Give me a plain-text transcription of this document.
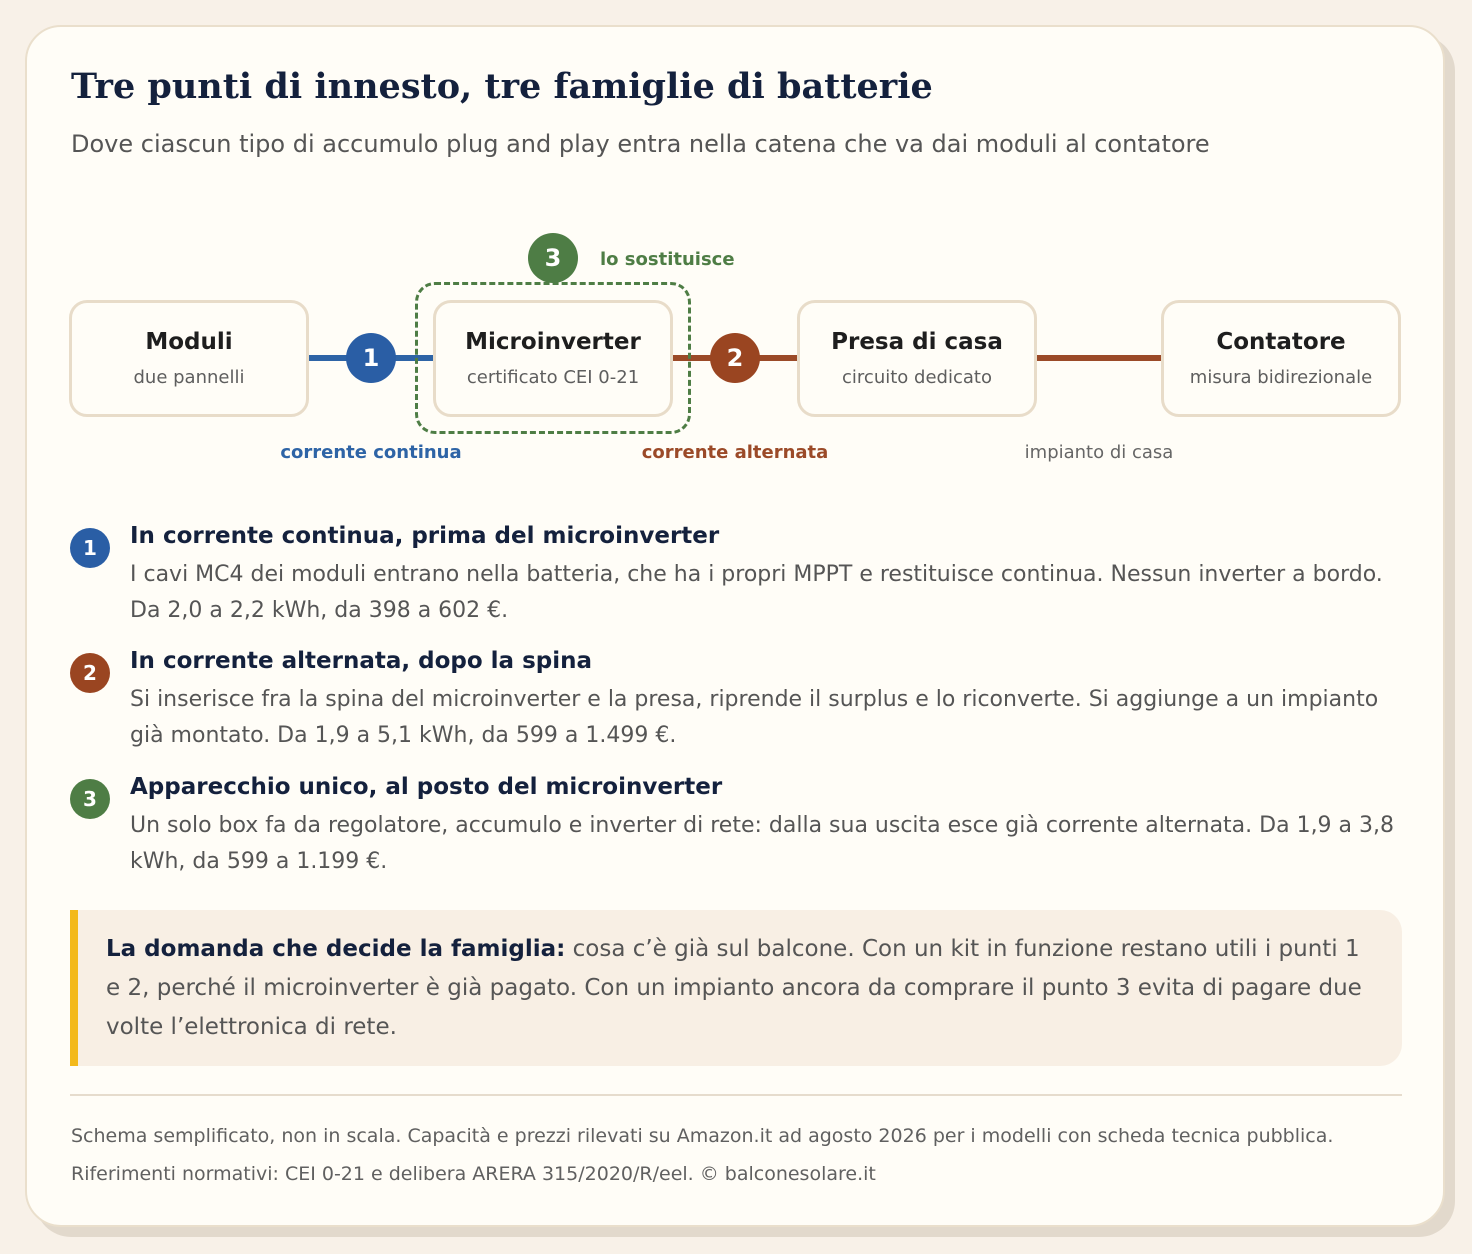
Tre punti di innesto, tre famiglie di batterie

Dove ciascun tipo di accumulo plug and play entra nella catena che va dai moduli al contatore

Moduli
due pannelli
Microinverter
certificato CEI 0-21
Presa di casa
circuito dedicato
Contatore
misura bidirezionale
1	2
3	lo sostituisce
corrente continua	corrente alternata	impianto di casa
1	In corrente continua, prima del microinverter

I cavi MC4 dei moduli entrano nella batteria, che ha i propri MPPT e restituisce continua. Nessun inverter a bordo. Da 2,0 a 2,2 kWh, da 398 a 602 €.

2	In corrente alternata, dopo la spina

Si inserisce fra la spina del microinverter e la presa, riprende il surplus e lo riconverte. Si aggiunge a un impianto già montato. Da 1,9 a 5,1 kWh, da 599 a 1.499 €.

3	Apparecchio unico, al posto del microinverter

Un solo box fa da regolatore, accumulo e inverter di rete: dalla sua uscita esce già corrente alternata. Da 1,9 a 3,8 kWh, da 599 a 1.199 €.

La domanda che decide la famiglia: cosa c’è già sul balcone. Con un kit in funzione restano utili i punti 1 e 2, perché il microinverter è già pagato. Con un impianto ancora da comprare il punto 3 evita di pagare due volte l’elettronica di rete.

Schema semplificato, non in scala. Capacità e prezzi rilevati su Amazon.it ad agosto 2026 per i modelli con scheda tecnica pubblica. Riferimenti normativi: CEI 0-21 e delibera ARERA 315/2020/R/eel. © balconesolare.it
